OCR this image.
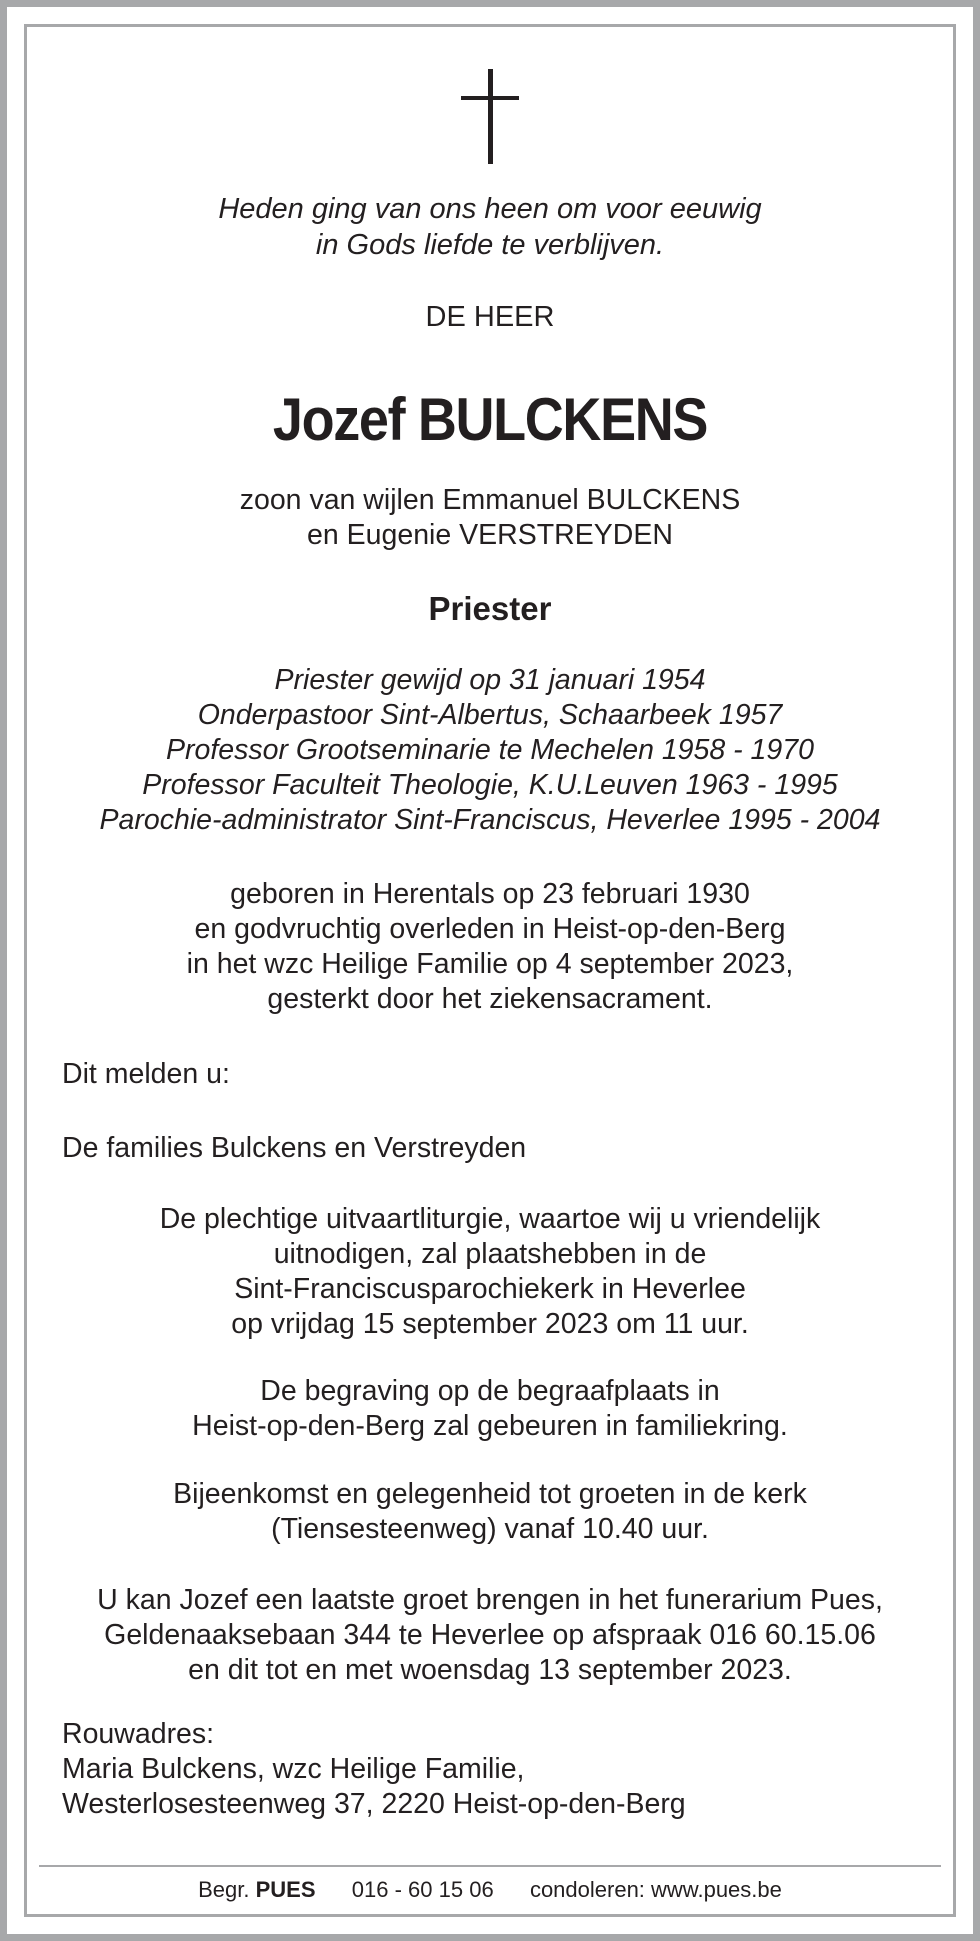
Heden ging van ons heen om voor eeuwig
in Gods liefde te verblijven.
DE HEER
Jozef BULCKENS
zoon van wijlen Emmanuel BULCKENS
en Eugenie VERSTREYDEN
Priester
Priester gewijd op 31 januari 1954
Onderpastoor Sint-Albertus, Schaarbeek 1957
Professor Grootseminarie te Mechelen 1958 - 1970
Professor Faculteit Theologie, K.U.Leuven 1963 - 1995
Parochie-administrator Sint-Franciscus, Heverlee 1995 - 2004
geboren in Herentals op 23 februari 1930
en godvruchtig overleden in Heist-op-den-Berg
in het wzc Heilige Familie op 4 september 2023,
gesterkt door het ziekensacrament.
Dit melden u:
De families Bulckens en Verstreyden
De plechtige uitvaartliturgie, waartoe wij u vriendelijk
uitnodigen, zal plaatshebben in de
Sint-Franciscusparochiekerk in Heverlee
op vrijdag 15 september 2023 om 11 uur.
De begraving op de begraafplaats in
Heist-op-den-Berg zal gebeuren in familiekring.
Bijeenkomst en gelegenheid tot groeten in de kerk
(Tiensesteenweg) vanaf 10.40 uur.
U kan Jozef een laatste groet brengen in het funerarium Pues,
Geldenaaksebaan 344 te Heverlee op afspraak 016 60.15.06
en dit tot en met woensdag 13 september 2023.
Rouwadres:
Maria Bulckens, wzc Heilige Familie,
Westerlosesteenweg 37, 2220 Heist-op-den-Berg
Begr. PUES 016 - 60 15 06 condoleren: www.pues.be
